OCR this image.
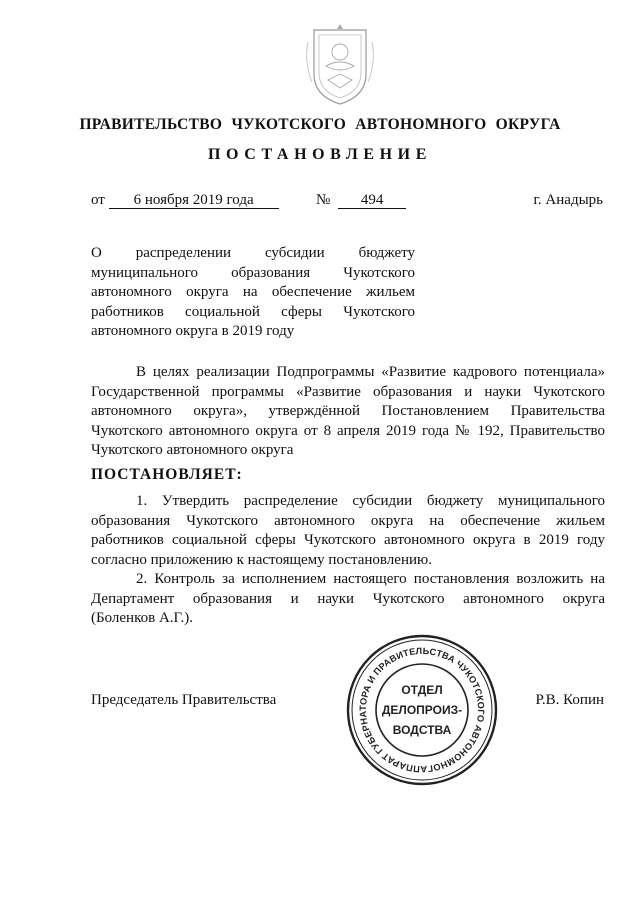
ПРАВИТЕЛЬСТВО ЧУКОТСКОГО АВТОНОМНОГО ОКРУГА
ПОСТАНОВЛЕНИЕ
от 6 ноября 2019 года	№ 494	г. Анадырь
О распределении субсидии бюджету
муниципального образования Чукотского
автономного округа на обеспечение жильем
работников социальной сферы Чукотского
автономного округа в 2019 году
В целях реализации Подпрограммы «Развитие кадрового потенциала»
Государственной программы «Развитие образования и науки Чукотского
автономного округа», утверждённой Постановлением Правительства
Чукотского автономного округа от 8 апреля 2019 года № 192, Правительство
Чукотского автономного округа
ПОСТАНОВЛЯЕТ:
1. Утвердить распределение субсидии бюджету муниципального
образования Чукотского автономного округа на обеспечение жильем
работников социальной сферы Чукотского автономного округа в 2019 году
согласно приложению к настоящему постановлению.
2. Контроль за исполнением настоящего постановления возложить на
Департамент образования и науки Чукотского автономного округа
(Боленков А.Г.).
АППАРАТ ГУБЕРНАТОРА И ПРАВИТЕЛЬСТВА ЧУКОТСКОГО АВТОНОМНОГО
ОТДЕЛ
ДЕЛОПРОИЗ-
ВОДСТВА
Председатель Правительства	Р.В. Копин
